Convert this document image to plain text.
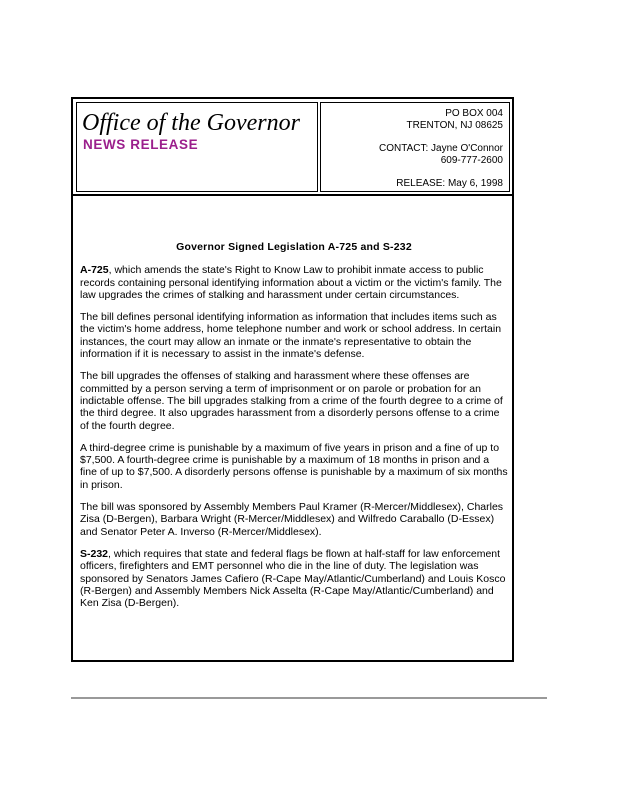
Office of the Governor
NEWS RELEASE
PO BOX 004
TRENTON, NJ 08625
CONTACT: Jayne O'Connor
609-777-2600
RELEASE: May 6, 1998
Governor Signed Legislation A-725 and S-232

A-725, which amends the state's Right to Know Law to prohibit inmate access to public records containing personal identifying information about a victim or the victim's family. The law upgrades the crimes of stalking and harassment under certain circumstances.

The bill defines personal identifying information as information that includes items such as the victim's home address, home telephone number and work or school address. In certain instances, the court may allow an inmate or the inmate's representative to obtain the information if it is necessary to assist in the inmate's defense.

The bill upgrades the offenses of stalking and harassment where these offenses are committed by a person serving a term of imprisonment or on parole or probation for an indictable offense. The bill upgrades stalking from a crime of the fourth degree to a crime of the third degree. It also upgrades harassment from a disorderly persons offense to a crime of the fourth degree.

A third-degree crime is punishable by a maximum of five years in prison and a fine of up to $7,500. A fourth-degree crime is punishable by a maximum of 18 months in prison and a fine of up to $7,500. A disorderly persons offense is punishable by a maximum of six months in prison.

The bill was sponsored by Assembly Members Paul Kramer (R-Mercer/Middlesex), Charles Zisa (D-Bergen), Barbara Wright (R-Mercer/Middlesex) and Wilfredo Caraballo (D-Essex) and Senator Peter A. Inverso (R-Mercer/Middlesex).

S-232, which requires that state and federal flags be flown at half-staff for law enforcement officers, firefighters and EMT personnel who die in the line of duty. The legislation was sponsored by Senators James Cafiero (R-Cape May/Atlantic/Cumberland) and Louis Kosco (R-Bergen) and Assembly Members Nick Asselta (R-Cape May/Atlantic/Cumberland) and Ken Zisa (D-Bergen).
